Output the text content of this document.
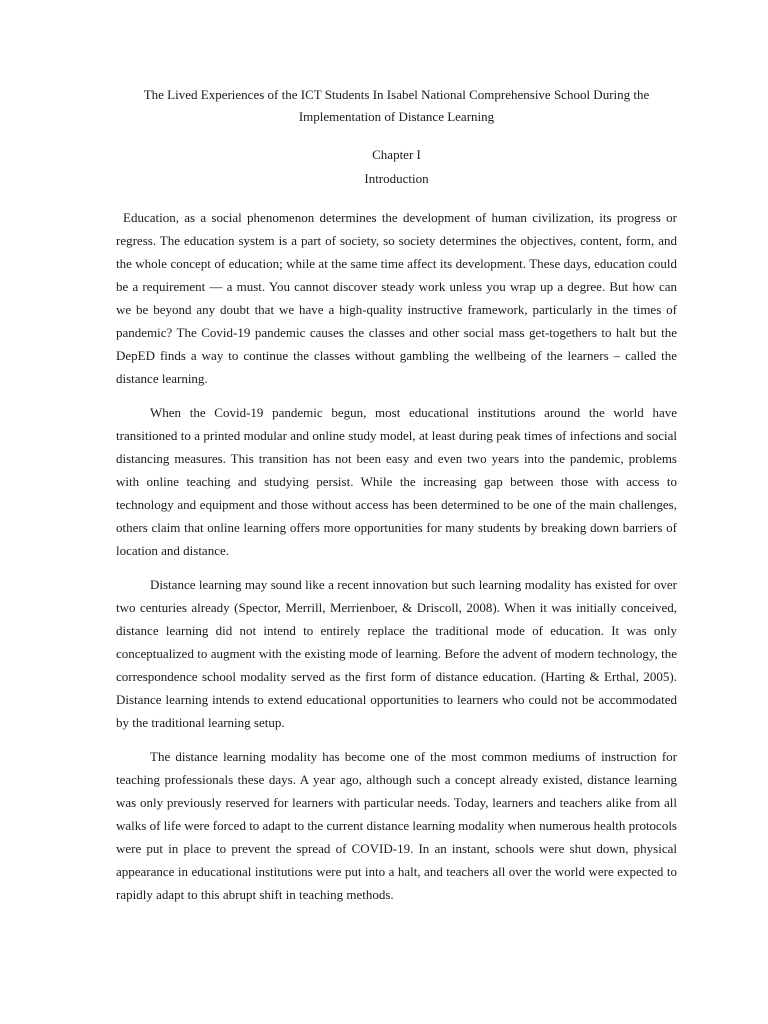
The Lived Experiences of the ICT Students In Isabel National Comprehensive School During the
Implementation of Distance Learning

Chapter I

Introduction

Education, as a social phenomenon determines the development of human civilization, its progress or regress. The education system is a part of society, so society determines the objectives, content, form, and the whole concept of education; while at the same time affect its development. These days, education could be a requirement — a must. You cannot discover steady work unless you wrap up a degree. But how can we be beyond any doubt that we have a high-quality instructive framework, particularly in the times of pandemic? The Covid-19 pandemic causes the classes and other social mass get-togethers to halt but the DepED finds a way to continue the classes without gambling the wellbeing of the learners – called the distance learning.

When the Covid-19 pandemic begun, most educational institutions around the world have transitioned to a printed modular and online study model, at least during peak times of infections and social distancing measures. This transition has not been easy and even two years into the pandemic, problems with online teaching and studying persist. While the increasing gap between those with access to technology and equipment and those without access has been determined to be one of the main challenges, others claim that online learning offers more opportunities for many students by breaking down barriers of location and distance.

Distance learning may sound like a recent innovation but such learning modality has existed for over two centuries already (Spector, Merrill, Merrienboer, & Driscoll, 2008). When it was initially conceived, distance learning did not intend to entirely replace the traditional mode of education. It was only conceptualized to augment with the existing mode of learning. Before the advent of modern technology, the correspondence school modality served as the first form of distance education. (Harting & Erthal, 2005). Distance learning intends to extend educational opportunities to learners who could not be accommodated by the traditional learning setup.

The distance learning modality has become one of the most common mediums of instruction for teaching professionals these days. A year ago, although such a concept already existed, distance learning was only previously reserved for learners with particular needs. Today, learners and teachers alike from all walks of life were forced to adapt to the current distance learning modality when numerous health protocols were put in place to prevent the spread of COVID-19. In an instant, schools were shut down, physical appearance in educational institutions were put into a halt, and teachers all over the world were expected to rapidly adapt to this abrupt shift in teaching methods.
